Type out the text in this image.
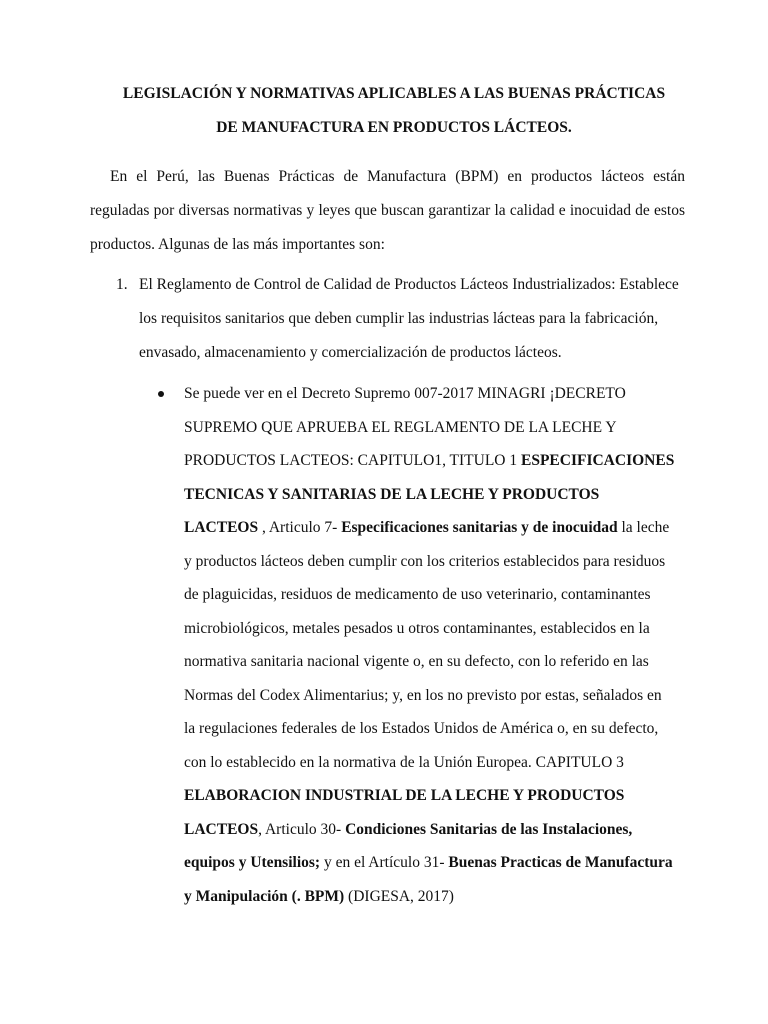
LEGISLACIÓN Y NORMATIVAS APLICABLES A LAS BUENAS PRÁCTICAS

DE MANUFACTURA EN PRODUCTOS LÁCTEOS.

En el Perú, las Buenas Prácticas de Manufactura (BPM) en productos lácteos están reguladas por diversas normativas y leyes que buscan garantizar la calidad e inocuidad de estos productos. Algunas de las más importantes son:

1. El Reglamento de Control de Calidad de Productos Lácteos Industrializados: Establece los requisitos sanitarios que deben cumplir las industrias lácteas para la fabricación, envasado, almacenamiento y comercialización de productos lácteos.

Se puede ver en el Decreto Supremo 007-2017 MINAGRI ¡DECRETO SUPREMO QUE APRUEBA EL REGLAMENTO DE LA LECHE Y PRODUCTOS LACTEOS: CAPITULO1, TITULO 1 ESPECIFICACIONES TECNICAS Y SANITARIAS DE LA LECHE Y PRODUCTOS LACTEOS , Articulo 7- Especificaciones sanitarias y de inocuidad la leche y productos lácteos deben cumplir con los criterios establecidos para residuos de plaguicidas, residuos de medicamento de uso veterinario, contaminantes microbiológicos, metales pesados u otros contaminantes, establecidos en la normativa sanitaria nacional vigente o, en su defecto, con lo referido en las Normas del Codex Alimentarius; y, en los no previsto por estas, señalados en la regulaciones federales de los Estados Unidos de América o, en su defecto, con lo establecido en la normativa de la Unión Europea. CAPITULO 3 ELABORACION INDUSTRIAL DE LA LECHE Y PRODUCTOS LACTEOS, Articulo 30- Condiciones Sanitarias de las Instalaciones, equipos y Utensilios; y en el Artículo 31- Buenas Practicas de Manufactura y Manipulación (. BPM) (DIGESA, 2017)
